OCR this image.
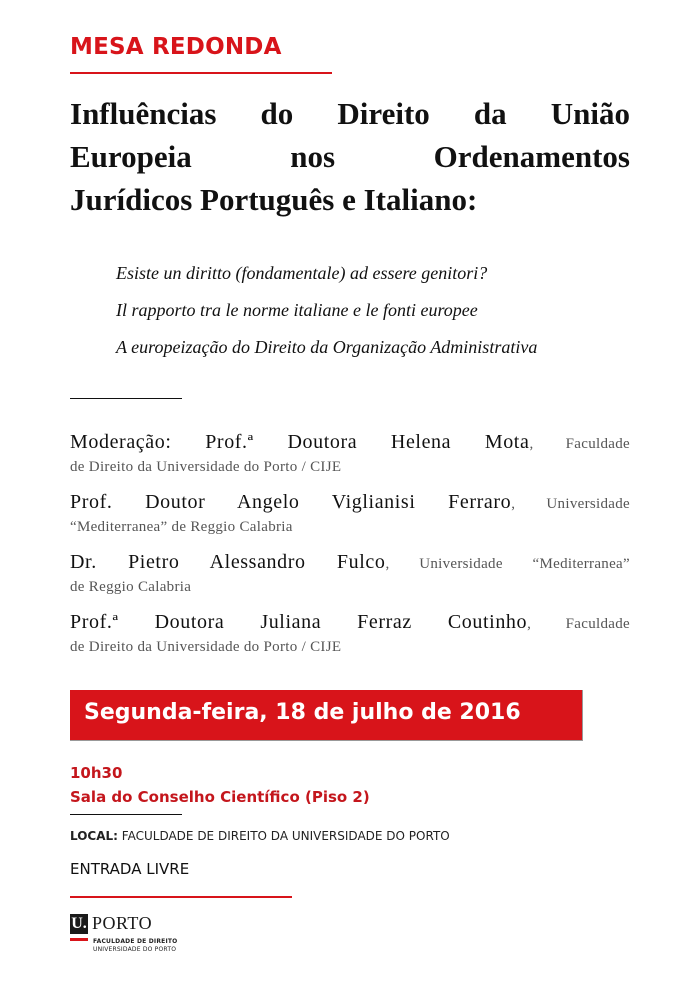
MESA REDONDA
Influências do Direito da União
Europeia nos Ordenamentos
Jurídicos Português e Italiano:
Esiste un diritto (fondamentale) ad essere genitori?
Il rapporto tra le norme italiane e le fonti europee
A europeização do Direito da Organização Administrativa
Moderação: Prof.ª Doutora Helena Mota, Faculdade
de Direito da Universidade do Porto / CIJE
Prof. Doutor Angelo Viglianisi Ferraro, Universidade
“Mediterranea” de Reggio Calabria
Dr. Pietro Alessandro Fulco, Universidade “Mediterranea”
de Reggio Calabria
Prof.ª Doutora Juliana Ferraz Coutinho, Faculdade
de Direito da Universidade do Porto / CIJE
Segunda-feira, 18 de julho de 2016
10h30
Sala do Conselho Científico (Piso 2)
LOCAL: FACULDADE DE DIREITO DA UNIVERSIDADE DO PORTO
ENTRADA LIVRE
U. PORTO
FACULDADE DE DIREITO
UNIVERSIDADE DO PORTO
